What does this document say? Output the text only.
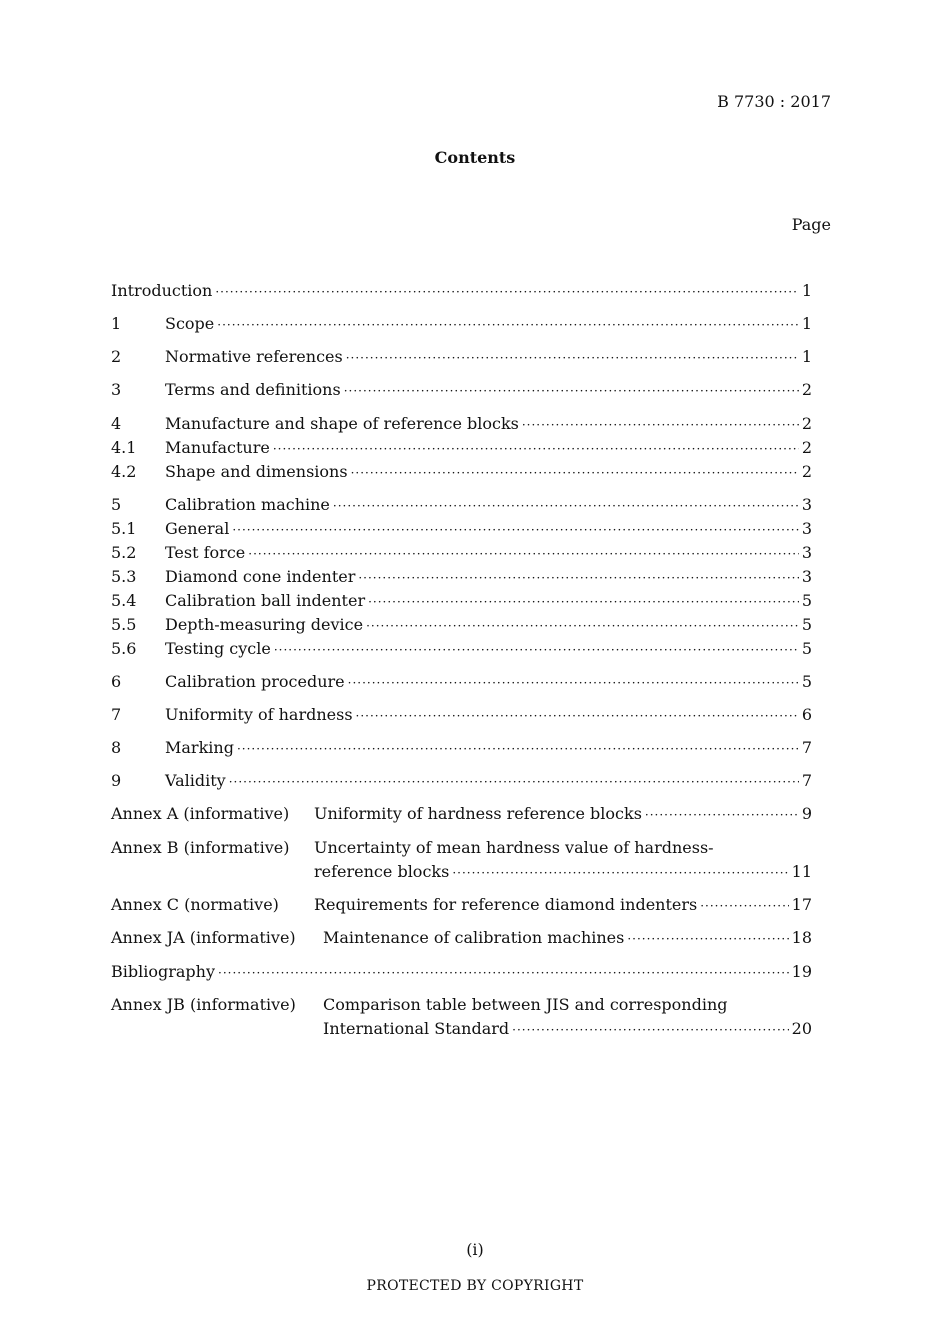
B 7730 : 2017
Contents
Page
Introduction ·····	1
1	Scope ·····	1
2	Normative references ·····	1
3	Terms and definitions ·····	2
4	Manufacture and shape of reference blocks ·····	2
4.1 Manufacture ·····	2
4.2 Shape and dimensions ·····	2
5	Calibration machine ·····	3
5.1 General ·····	3
5.2 Test force ·····	3
5.3 Diamond cone indenter ·····	3
5.4 Calibration ball indenter ·····	5
5.5 Depth-measuring device ·····	5
5.6 Testing cycle ·····	5
6	Calibration procedure ·····	5
7	Uniformity of hardness ·····	6
8	Marking ·····	7
9	Validity ·····	7
Annex A (informative) Uniformity of hardness reference blocks ·····	9
Annex B (informative) Uncertainty of mean hardness value of hardness-
reference blocks ·····	11
Annex C (normative) Requirements for reference diamond indenters ·····	17
Annex JA (informative) Maintenance of calibration machines ·····	18
Bibliography ·····	19
Annex JB (informative) Comparison table between JIS and corresponding
International Standard ·····	20
(i)
PROTECTED BY COPYRIGHT
